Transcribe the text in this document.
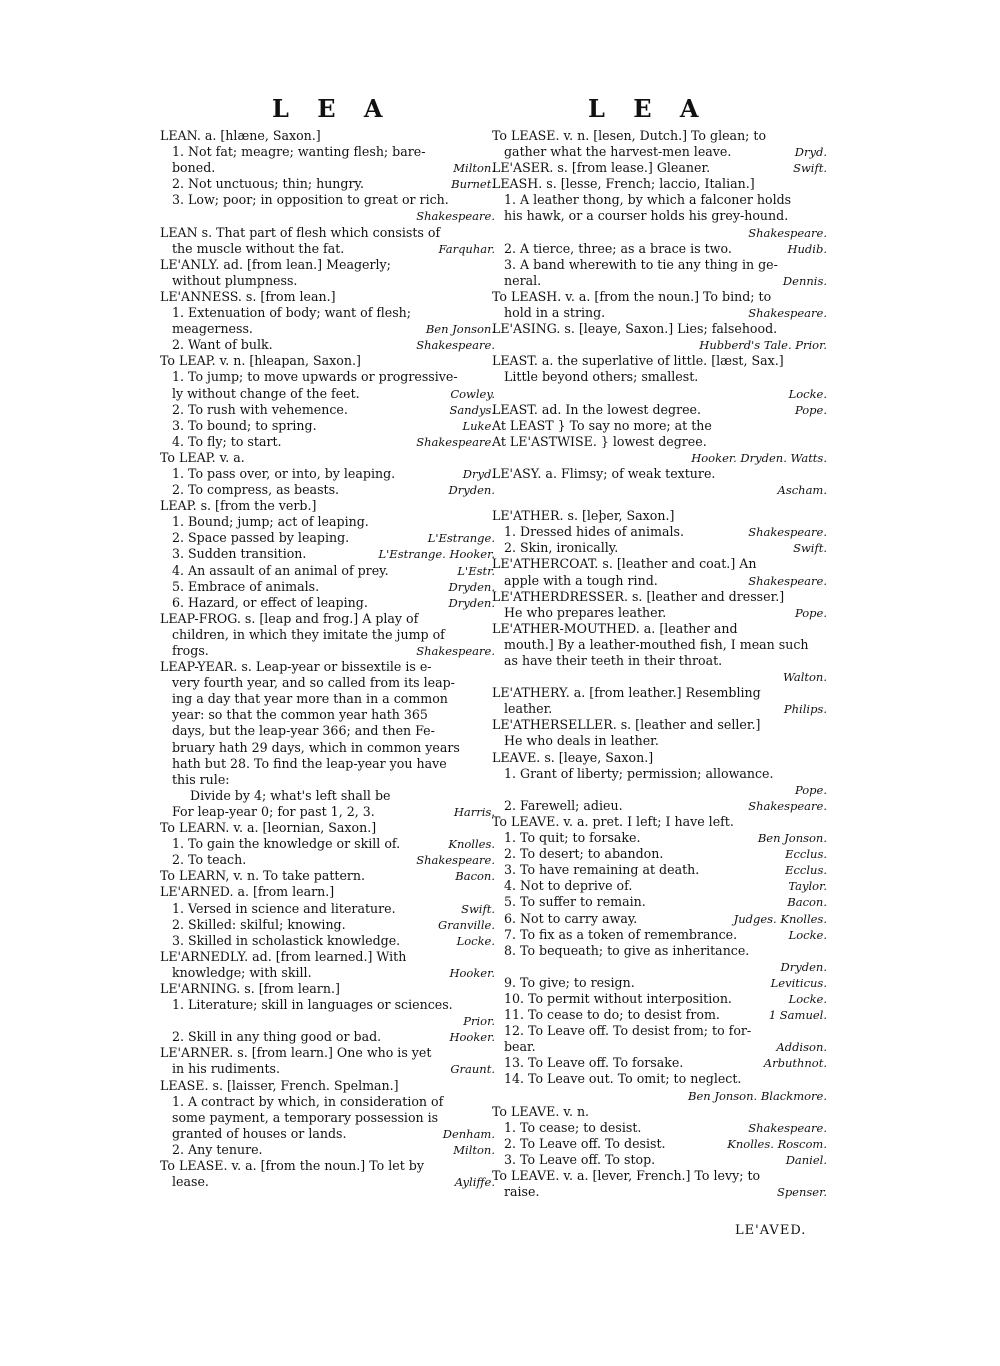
L E A	L E A
LEAN. a. [hlæne, Saxon.]
1. Not fat; meagre; wanting flesh; bare-
boned.	Milton.
2. Not unctuous; thin; hungry.	Burnet.
3. Low; poor; in opposition to great or rich.
Shakespeare.
LEAN s. That part of flesh which consists of
the muscle without the fat.	Farquhar.
LE'ANLY. ad. [from lean.] Meagerly;
without plumpness.
LE'ANNESS. s. [from lean.]
1. Extenuation of body; want of flesh;
meagerness.	Ben Jonson.
2. Want of bulk.	Shakespeare.
To LEAP. v. n. [hleapan, Saxon.]
1. To jump; to move upwards or progressive-
ly without change of the feet.	Cowley.
2. To rush with vehemence.	Sandys.
3. To bound; to spring.	Luke.
4. To fly; to start.	Shakespeare.
To LEAP. v. a.
1. To pass over, or into, by leaping.	Dryd.
2. To compress, as beasts.	Dryden.
LEAP. s. [from the verb.]
1. Bound; jump; act of leaping.
2. Space passed by leaping.	L'Estrange.
3. Sudden transition.	L'Estrange. Hooker.
4. An assault of an animal of prey.	L'Estr.
5. Embrace of animals.	Dryden.
6. Hazard, or effect of leaping.	Dryden.
LEAP-FROG. s. [leap and frog.] A play of
children, in which they imitate the jump of
frogs.	Shakespeare.
LEAP-YEAR. s. Leap-year or bissextile is e-
very fourth year, and so called from its leap-
ing a day that year more than in a common
year: so that the common year hath 365
days, but the leap-year 366; and then Fe-
bruary hath 29 days, which in common years
hath but 28. To find the leap-year you have
this rule:
Divide by 4; what's left shall be
For leap-year 0; for past 1, 2, 3.	Harris.
To LEARN. v. a. [leornian, Saxon.]
1. To gain the knowledge or skill of.	Knolles.
2. To teach.	Shakespeare.
To LEARN, v. n. To take pattern.	Bacon.
LE'ARNED. a. [from learn.]
1. Versed in science and literature.	Swift.
2. Skilled: skilful; knowing.	Granville.
3. Skilled in scholastick knowledge.	Locke.
LE'ARNEDLY. ad. [from learned.] With
knowledge; with skill.	Hooker.
LE'ARNING. s. [from learn.]
1. Literature; skill in languages or sciences.
Prior.
2. Skill in any thing good or bad.	Hooker.
LE'ARNER. s. [from learn.] One who is yet
in his rudiments.	Graunt.
LEASE. s. [laisser, French. Spelman.]
1. A contract by which, in consideration of
some payment, a temporary possession is
granted of houses or lands.	Denham.
2. Any tenure.	Milton.
To LEASE. v. a. [from the noun.] To let by
lease.	Ayliffe.
To LEASE. v. n. [lesen, Dutch.] To glean; to
gather what the harvest-men leave.	Dryd.
LE'ASER. s. [from lease.] Gleaner.	Swift.
LEASH. s. [lesse, French; laccio, Italian.]
1. A leather thong, by which a falconer holds
his hawk, or a courser holds his grey-hound.
Shakespeare.
2. A tierce, three; as a brace is two.	Hudib.
3. A band wherewith to tie any thing in ge-
neral.	Dennis.
To LEASH. v. a. [from the noun.] To bind; to
hold in a string.	Shakespeare.
LE'ASING. s. [leaye, Saxon.] Lies; falsehood.
Hubberd's Tale. Prior.
LEAST. a. the superlative of little. [læst, Sax.]
Little beyond others; smallest.
Locke.
LEAST. ad. In the lowest degree.	Pope.
At LEAST } To say no more; at the
At LE'ASTWISE. } lowest degree.
Hooker. Dryden. Watts.
LE'ASY. a. Flimsy; of weak texture.
Ascham.
LE'ATHER. s. [leþer, Saxon.]
1. Dressed hides of animals.	Shakespeare.
2. Skin, ironically.	Swift.
LE'ATHERCOAT. s. [leather and coat.] An
apple with a tough rind.	Shakespeare.
LE'ATHERDRESSER. s. [leather and dresser.]
He who prepares leather.	Pope.
LE'ATHER-MOUTHED. a. [leather and
mouth.] By a leather-mouthed fish, I mean such
as have their teeth in their throat.
Walton.
LE'ATHERY. a. [from leather.] Resembling
leather.	Philips.
LE'ATHERSELLER. s. [leather and seller.]
He who deals in leather.
LEAVE. s. [leaye, Saxon.]
1. Grant of liberty; permission; allowance.
Pope.
2. Farewell; adieu.	Shakespeare.
To LEAVE. v. a. pret. I left; I have left.
1. To quit; to forsake.	Ben Jonson.
2. To desert; to abandon.	Ecclus.
3. To have remaining at death.	Ecclus.
4. Not to deprive of.	Taylor.
5. To suffer to remain.	Bacon.
6. Not to carry away.	Judges. Knolles.
7. To fix as a token of remembrance.	Locke.
8. To bequeath; to give as inheritance.
Dryden.
9. To give; to resign.	Leviticus.
10. To permit without interposition.	Locke.
11. To cease to do; to desist from.	1 Samuel.
12. To Leave off. To desist from; to for-
bear.	Addison.
13. To Leave off. To forsake.	Arbuthnot.
14. To Leave out. To omit; to neglect.
Ben Jonson. Blackmore.
To LEAVE. v. n.
1. To cease; to desist.	Shakespeare.
2. To Leave off. To desist.	Knolles. Roscom.
3. To Leave off. To stop.	Daniel.
To LEAVE. v. a. [lever, French.] To levy; to
raise.	Spenser.
LE'AVED.
